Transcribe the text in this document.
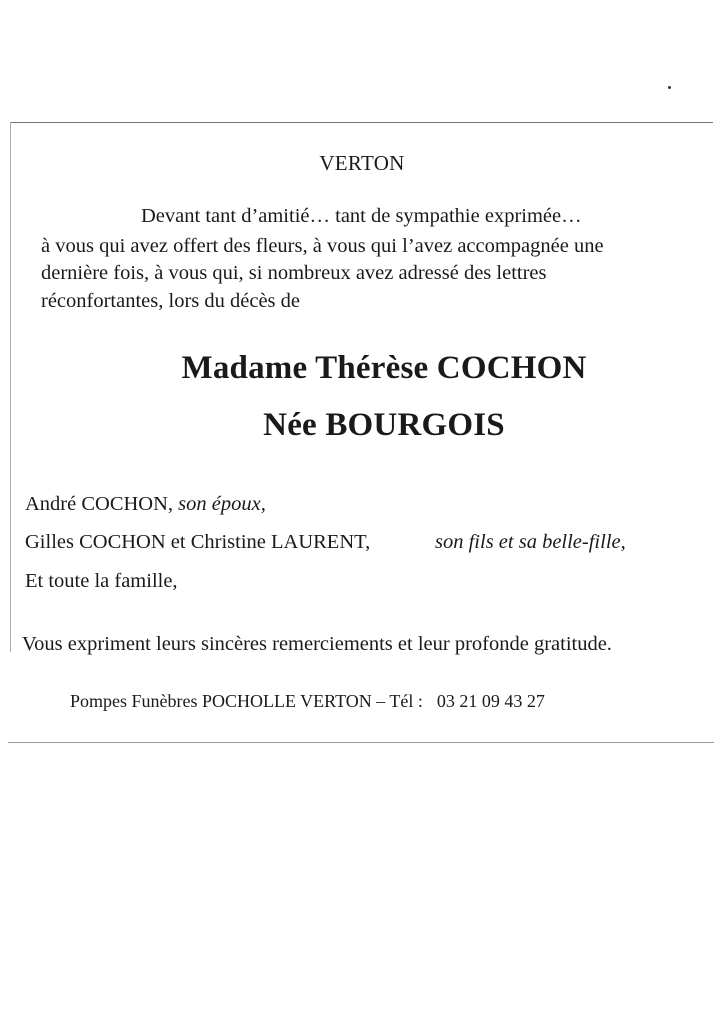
VERTON
Devant tant d’amitié… tant de sympathie exprimée…
à vous qui avez offert des fleurs, à vous qui l’avez accompagnée une
dernière fois, à vous qui, si nombreux avez adressé des lettres
réconfortantes, lors du décès de
Madame Thérèse COCHON
Née BOURGOIS
André COCHON, son époux,
Gilles COCHON et Christine LAURENT,	son fils et sa belle-fille,
Et toute la famille,
Vous expriment leurs sincères remerciements et leur profonde gratitude.
Pompes Funèbres POCHOLLE VERTON – Tél : 03 21 09 43 27
